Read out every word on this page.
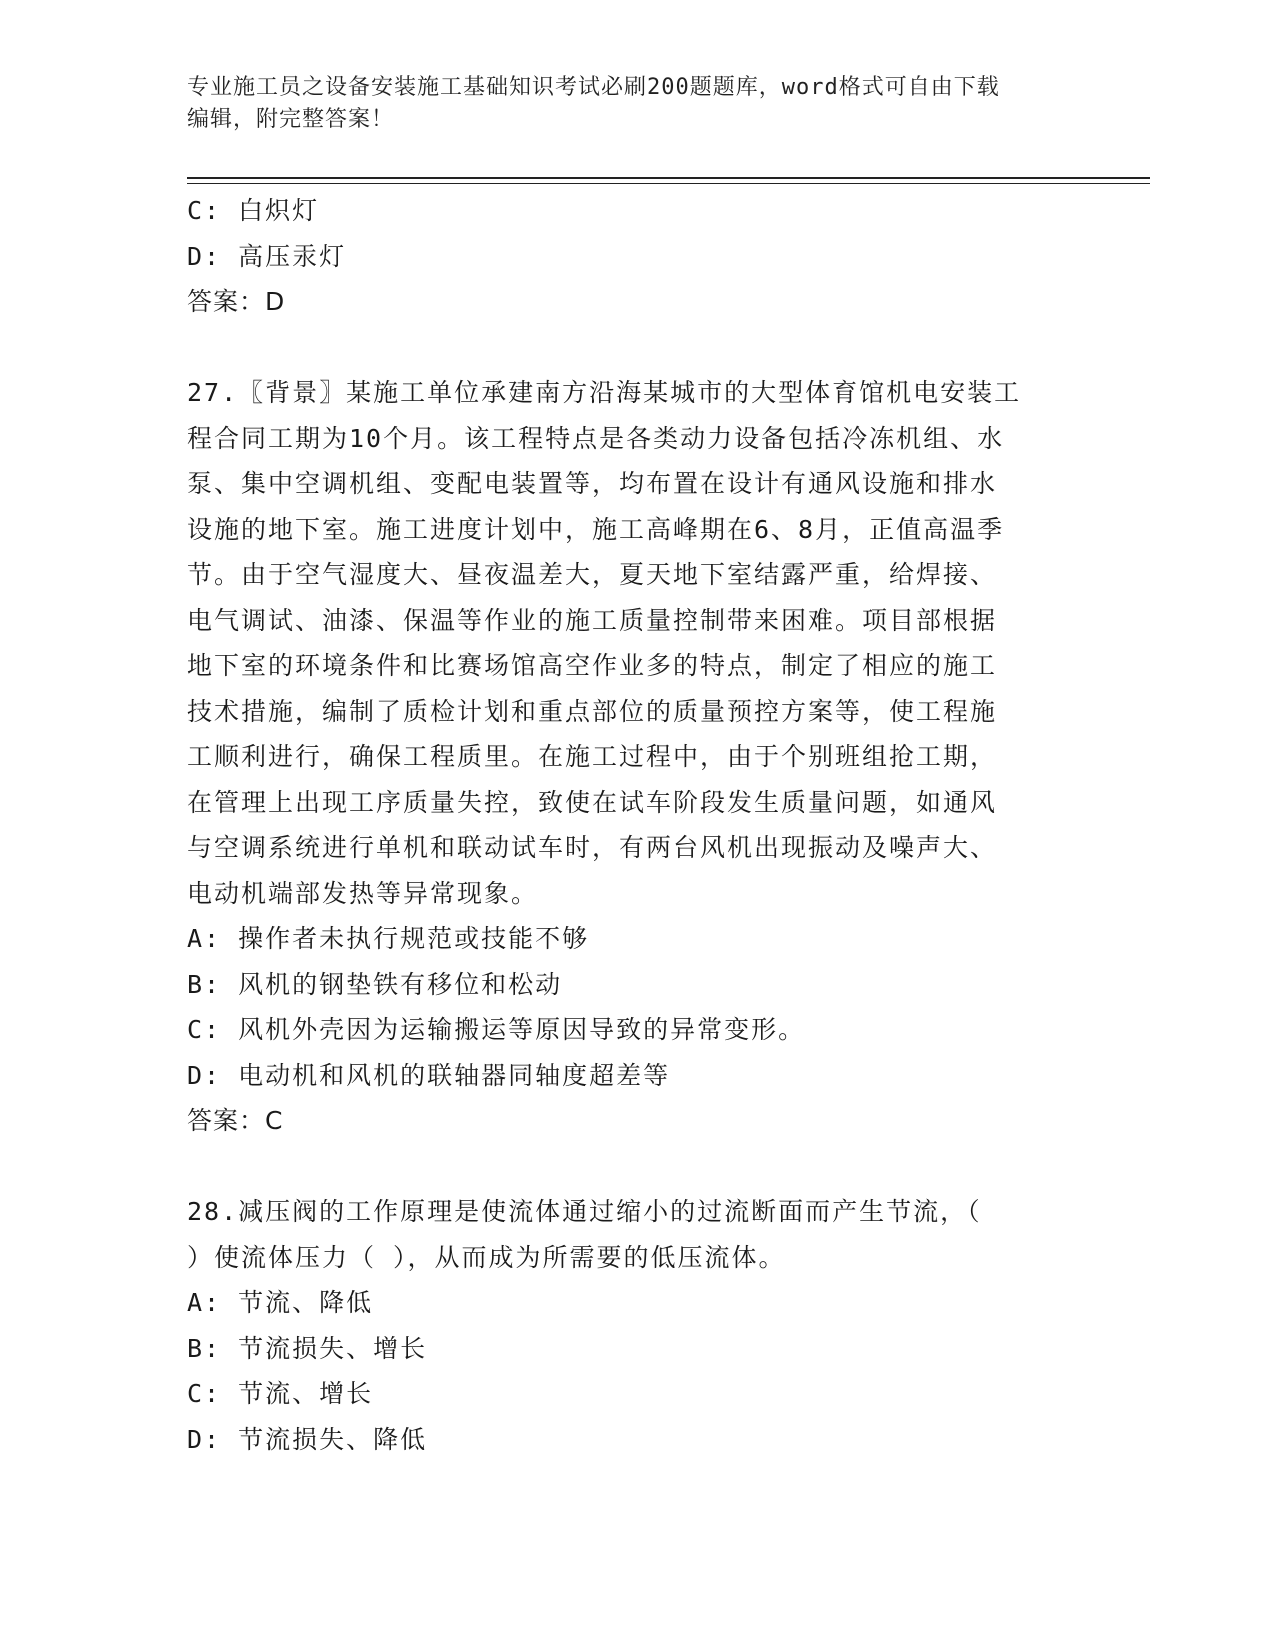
专业施工员之设备安装施工基础知识考试必刷200题题库，word格式可自由下载
编辑，附完整答案！
C: 白炽灯
D: 高压汞灯
答案：D
27.〖背景〗某施工单位承建南方沿海某城市的大型体育馆机电安装工
程合同工期为10个月。该工程特点是各类动力设备包括冷冻机组、水
泵、集中空调机组、变配电装置等，均布置在设计有通风设施和排水
设施的地下室。施工进度计划中，施工高峰期在6、8月，正值高温季
节。由于空气湿度大、昼夜温差大，夏天地下室结露严重，给焊接、
电气调试、油漆、保温等作业的施工质量控制带来困难。项目部根据
地下室的环境条件和比赛场馆高空作业多的特点，制定了相应的施工
技术措施，编制了质检计划和重点部位的质量预控方案等，使工程施
工顺利进行，确保工程质里。在施工过程中，由于个别班组抢工期，
在管理上出现工序质量失控，致使在试车阶段发生质量问题，如通风
与空调系统进行单机和联动试车时，有两台风机出现振动及噪声大、
电动机端部发热等异常现象。
A: 操作者未执行规范或技能不够
B: 风机的钢垫铁有移位和松动
C: 风机外壳因为运输搬运等原因导致的异常变形。
D: 电动机和风机的联轴器同轴度超差等
答案：C
28.减压阀的工作原理是使流体通过缩小的过流断面而产生节流，（
）使流体压力（ ），从而成为所需要的低压流体。
A: 节流、降低
B: 节流损失、增长
C: 节流、增长
D: 节流损失、降低
